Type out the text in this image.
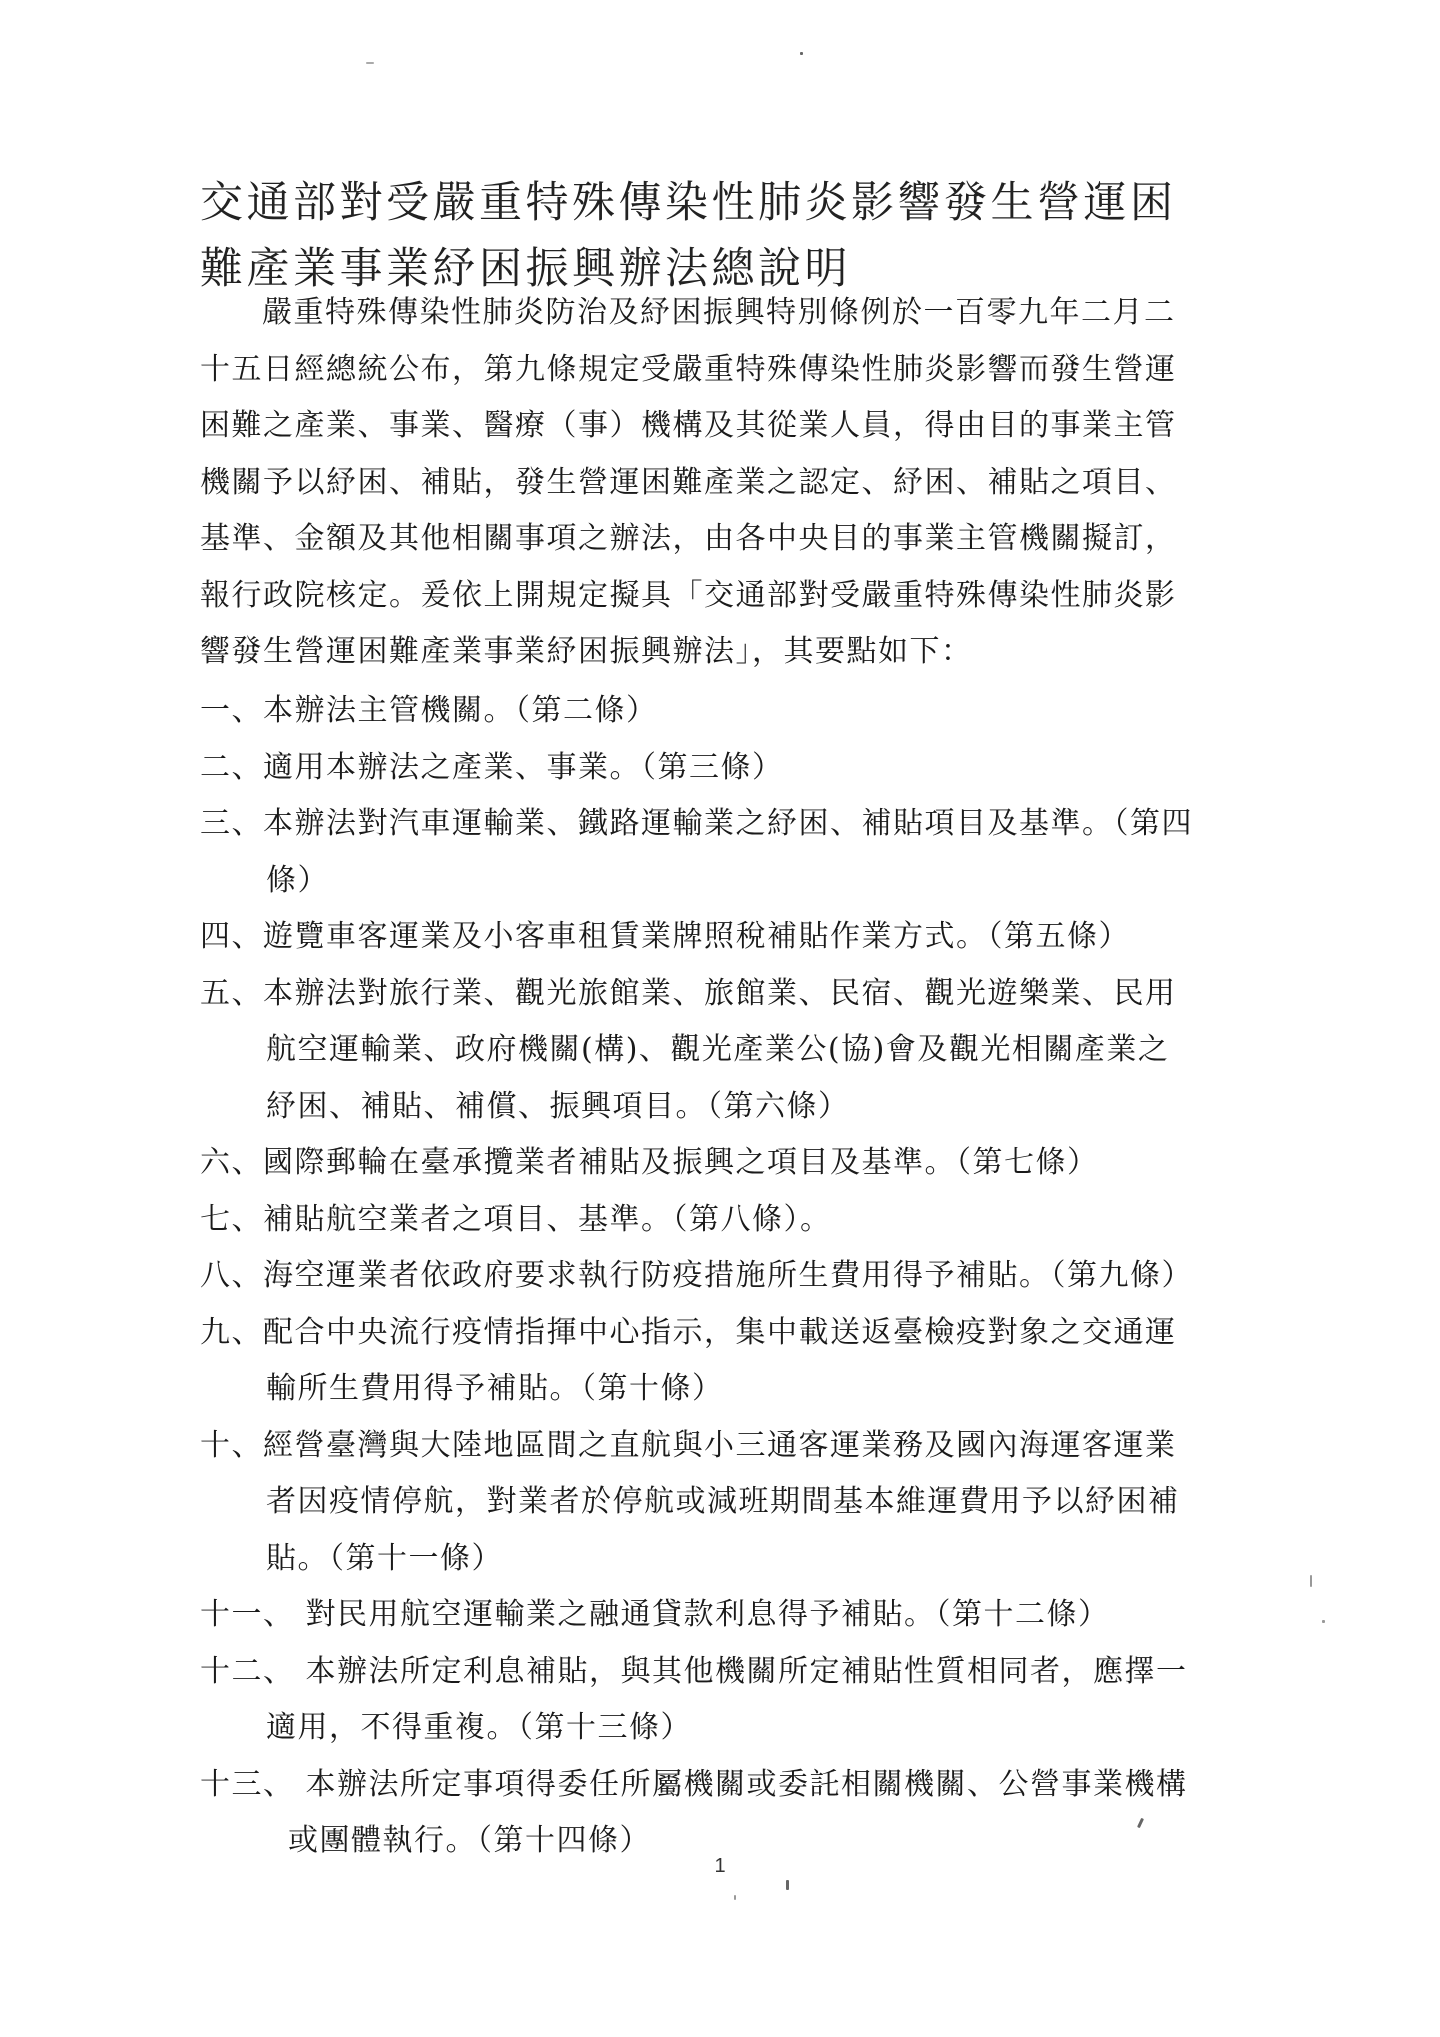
交通部對受嚴重特殊傳染性肺炎影響發生營運困
難產業事業紓困振興辦法總說明
嚴重特殊傳染性肺炎防治及紓困振興特別條例於一百零九年二月二
十五日經總統公布，第九條規定受嚴重特殊傳染性肺炎影響而發生營運
困難之產業、事業、醫療（事）機構及其從業人員，得由目的事業主管
機關予以紓困、補貼，發生營運困難產業之認定、紓困、補貼之項目、
基準、金額及其他相關事項之辦法，由各中央目的事業主管機關擬訂，
報行政院核定。爰依上開規定擬具「交通部對受嚴重特殊傳染性肺炎影
響發生營運困難產業事業紓困振興辦法」，其要點如下：
一、本辦法主管機關。（第二條）
二、適用本辦法之產業、事業。（第三條）
三、本辦法對汽車運輸業、鐵路運輸業之紓困、補貼項目及基準。（第四
條）
四、遊覽車客運業及小客車租賃業牌照稅補貼作業方式。（第五條）
五、本辦法對旅行業、觀光旅館業、旅館業、民宿、觀光遊樂業、民用
航空運輸業、政府機關(構)、觀光產業公(協)會及觀光相關產業之
紓困、補貼、補償、振興項目。（第六條）
六、國際郵輪在臺承攬業者補貼及振興之項目及基準。（第七條）
七、補貼航空業者之項目、基準。（第八條）。
八、海空運業者依政府要求執行防疫措施所生費用得予補貼。（第九條）
九、配合中央流行疫情指揮中心指示，集中載送返臺檢疫對象之交通運
輸所生費用得予補貼。（第十條）
十、經營臺灣與大陸地區間之直航與小三通客運業務及國內海運客運業
者因疫情停航，對業者於停航或減班期間基本維運費用予以紓困補
貼。（第十一條）
十一、 對民用航空運輸業之融通貸款利息得予補貼。（第十二條）
十二、 本辦法所定利息補貼，與其他機關所定補貼性質相同者，應擇一
適用，不得重複。（第十三條）
十三、 本辦法所定事項得委任所屬機關或委託相關機關、公營事業機構
或團體執行。（第十四條）
1
